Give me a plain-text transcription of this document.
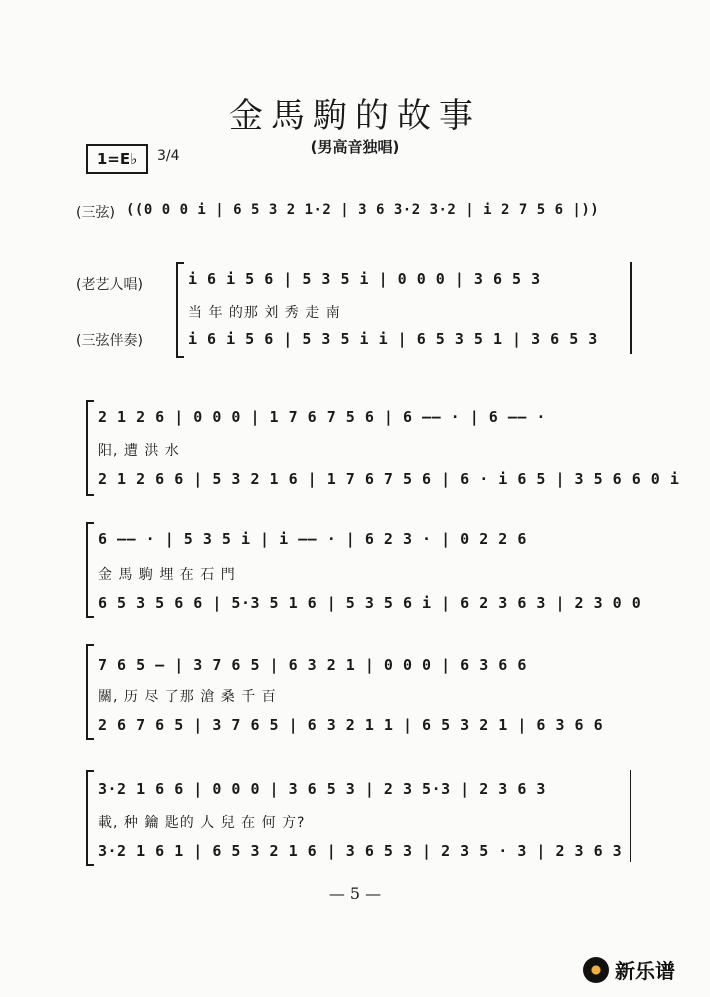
金馬駒的故事
(男高音独唱)
1=E♭	3/4
(三弦) ((0 0 0 i | 6 5 3 2 1·2 | 3 6 3·2 3·2 | i 2 7 5 6 |))
(老艺人唱)
(三弦伴奏)
i 6 i 5 6 | 5 3 5 i | 0 0 0 | 3 6 5 3
当 年 的那 刘 秀 走 南
i 6 i 5 6 | 5 3 5 i i | 6 5 3 5 1 | 3 6 5 3
2 1 2 6 | 0 0 0 | 1 7 6 7 5 6 | 6 —— · | 6 —— ·
阳, 遭 洪 水
2 1 2 6 6 | 5 3 2 1 6 | 1 7 6 7 5 6 | 6 · i 6 5 | 3 5 6 6 0 i
6 —— · | 5 3 5 i | i —— · | 6 2 3 · | 0 2 2 6
金 馬 駒 埋 在 石 門
6 5 3 5 6 6 | 5·3 5 1 6 | 5 3 5 6 i | 6 2 3 6 3 | 2 3 0 0
7 6 5 — | 3 7 6 5 | 6 3 2 1 | 0 0 0 | 6 3 6 6
關, 历 尽 了那 滄 桑 千 百
2 6 7 6 5 | 3 7 6 5 | 6 3 2 1 1 | 6 5 3 2 1 | 6 3 6 6
3·2 1 6 6 | 0 0 0 | 3 6 5 3 | 2 3 5·3 | 2 3 6 3
載, 种 鑰 匙的 人 兒 在 何 方?
3·2 1 6 1 | 6 5 3 2 1 6 | 3 6 5 3 | 2 3 5 · 3 | 2 3 6 3
— 5 —
新乐谱
